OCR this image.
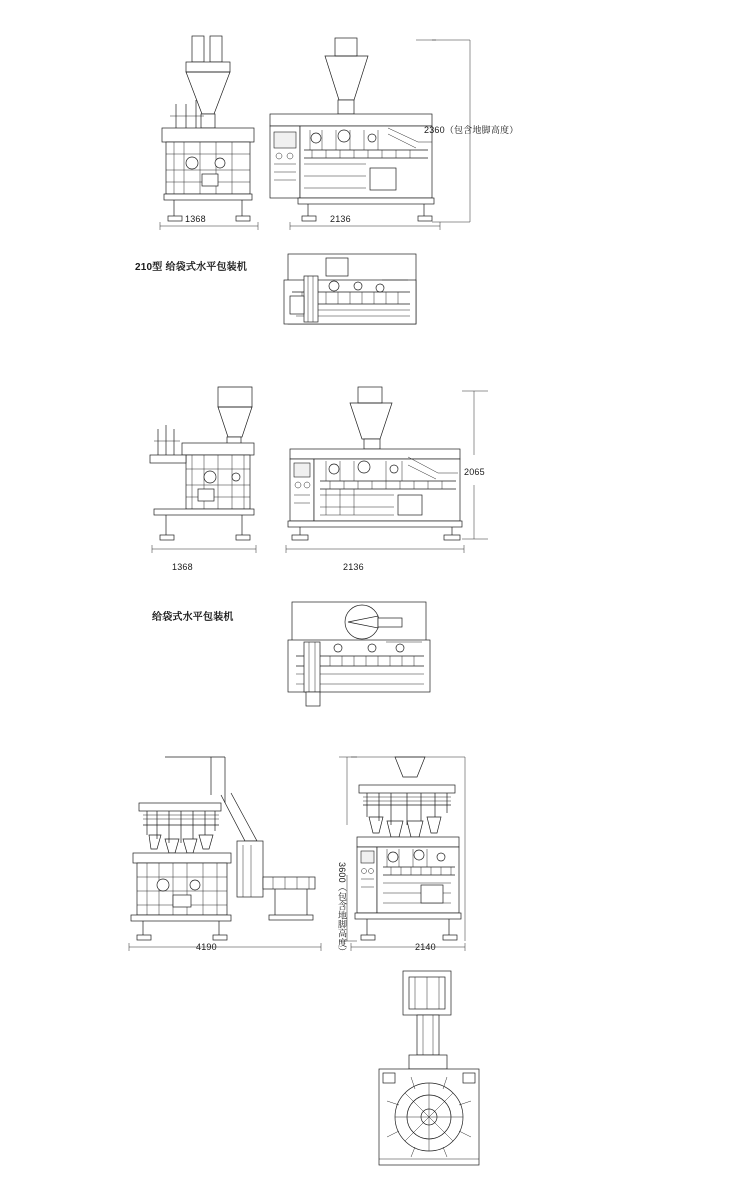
1368	2136
2360（包含地脚高度）
210型 给袋式水平包装机
1368	2136
2065
给袋式水平包装机
4190	2140
3600（包含地脚高度）
